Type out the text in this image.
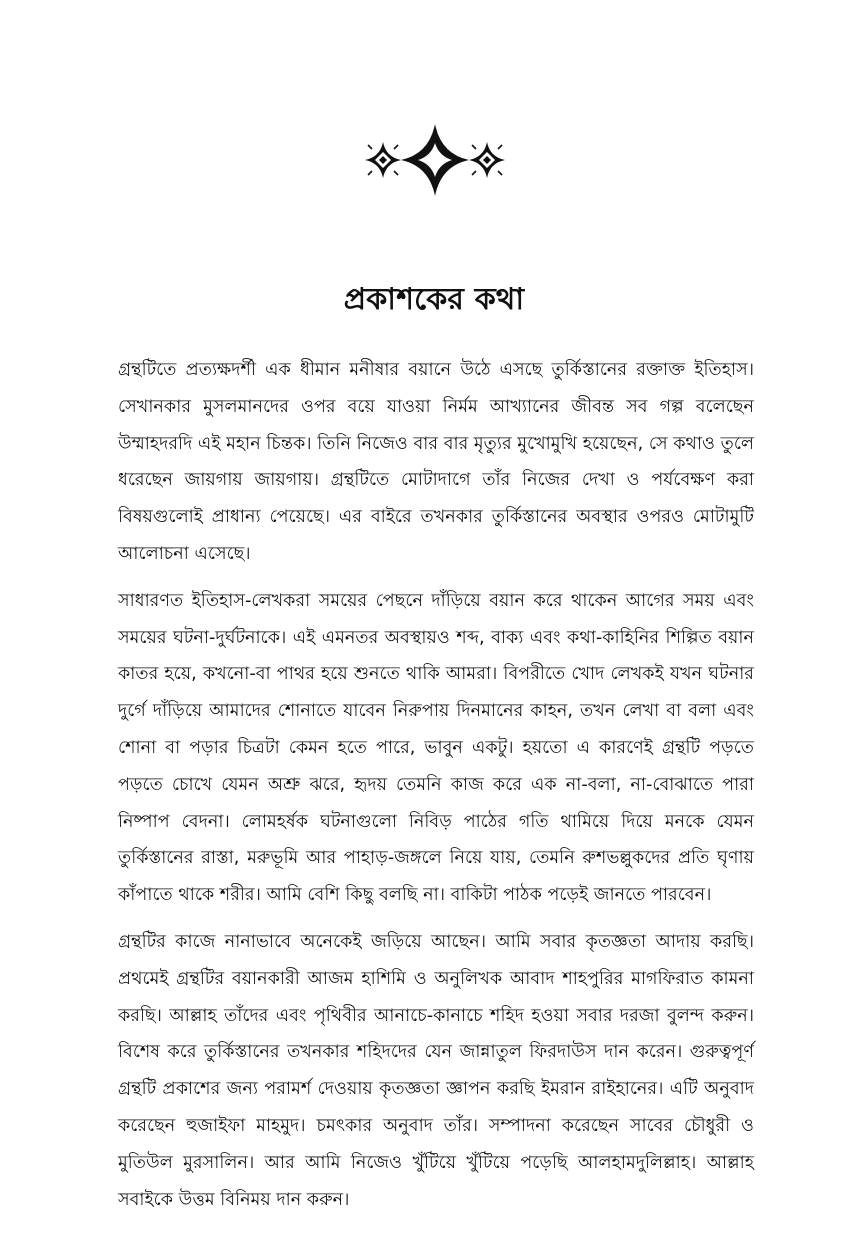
প্রকাশকের কথা

গ্রন্থটিতে প্রত্যক্ষদর্শী এক ধীমান মনীষার বয়ানে উঠে এসছে তুর্কিস্তানের রক্তাক্ত ইতিহাস। সেখানকার মুসলমানদের ওপর বয়ে যাওয়া নির্মম আখ্যানের জীবন্ত সব গল্প বলেছেন উম্মাহদরদি এই মহান চিন্তক। তিনি নিজেও বার বার মৃত্যুর মুখোমুখি হয়েছেন, সে কথাও তুলে ধরেছেন জায়গায় জায়গায়। গ্রন্থটিতে মোটাদাগে তাঁর নিজের দেখা ও পর্যবেক্ষণ করা বিষয়গুলোই প্রাধান্য পেয়েছে। এর বাইরে তখনকার তুর্কিস্তানের অবস্থার ওপরও মোটামুটি আলোচনা এসেছে।

সাধারণত ইতিহাস-লেখকরা সময়ের পেছনে দাঁড়িয়ে বয়ান করে থাকেন আগের সময় এবং সময়ের ঘটনা-দুর্ঘটনাকে। এই এমনতর অবস্থায়ও শব্দ, বাক্য এবং কথা-কাহিনির শিল্পিত বয়ান কাতর হয়ে, কখনো-বা পাথর হয়ে শুনতে থাকি আমরা। বিপরীতে খোদ লেখকই যখন ঘটনার দুর্গে দাঁড়িয়ে আমাদের শোনাতে যাবেন নিরুপায় দিনমানের কাহন, তখন লেখা বা বলা এবং শোনা বা পড়ার চিত্রটা কেমন হতে পারে, ভাবুন একটু। হয়তো এ কারণেই গ্রন্থটি পড়তে পড়তে চোখে যেমন অশ্রু ঝরে, হৃদয় তেমনি কাজ করে এক না-বলা, না-বোঝাতে পারা নিষ্পাপ বেদনা। লোমহর্ষক ঘটনাগুলো নিবিড় পাঠের গতি থামিয়ে দিয়ে মনকে যেমন তুর্কিস্তানের রাস্তা, মরুভূমি আর পাহাড়-জঙ্গলে নিয়ে যায়, তেমনি রুশভল্লুকদের প্রতি ঘৃণায় কাঁপাতে থাকে শরীর। আমি বেশি কিছু বলছি না। বাকিটা পাঠক পড়েই জানতে পারবেন।

গ্রন্থটির কাজে নানাভাবে অনেকেই জড়িয়ে আছেন। আমি সবার কৃতজ্ঞতা আদায় করছি। প্রথমেই গ্রন্থটির বয়ানকারী আজম হাশিমি ও অনুলিখক আবাদ শাহপুরির মাগফিরাত কামনা করছি। আল্লাহ তাঁদের এবং পৃথিবীর আনাচে-কানাচে শহিদ হওয়া সবার দরজা বুলন্দ করুন। বিশেষ করে তুর্কিস্তানের তখনকার শহিদদের যেন জান্নাতুল ফিরদাউস দান করেন। গুরুত্বপূর্ণ গ্রন্থটি প্রকাশের জন্য পরামর্শ দেওয়ায় কৃতজ্ঞতা জ্ঞাপন করছি ইমরান রাইহানের। এটি অনুবাদ করেছেন হুজাইফা মাহমুদ। চমৎকার অনুবাদ তাঁর। সম্পাদনা করেছেন সাবের চৌধুরী ও মুতিউল মুরসালিন। আর আমি নিজেও খুঁটিয়ে খুঁটিয়ে পড়েছি আলহামদুলিল্লাহ। আল্লাহ সবাইকে উত্তম বিনিময় দান করুন।
